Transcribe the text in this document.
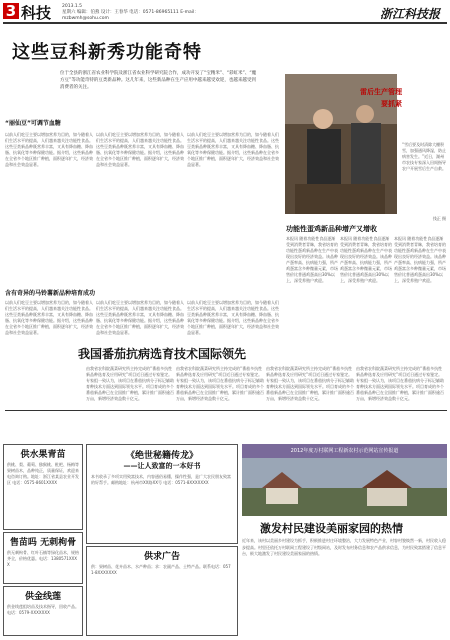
3 科技 2013.1.5
星期六 编辑：伯燕 设计：王春华 电话：0571-86965111 E-mail：mzbwmh@sohu.com	浙江科技报
这些豆科新秀功能奇特
位于全县的浙江省农业科学院及浙江省农业科学研究院合作，成功开发了“宝精米”、“彩虹米”、“魔方豆”等功能奇特的豆类新品种。这几年来，这些新品种在生产应用中越来越受欢迎，也越来越受到消费者的关注。
雷后生产管理
要抓紧
“雪后要及时清除大棚积雪，加强通风降湿，防止病害发生。”近日，湖州市农技专家深入田间指导农户开展雪后生产自救。
钱正 摄
“丽仙豆”可调节血糖
以前人们吃豆主要以增加营养为目的，如今随着人们生活水平的提高，人们越来越关注功能性食品。这些豆类新品种既营养丰富，又具有降血糖、降血脂、抗氧化等多种保健功能。据介绍，这些新品种在全省多个地区推广种植，面积逐年扩大，经济效益和社会效益显著。
以前人们吃豆主要以增加营养为目的，如今随着人们生活水平的提高，人们越来越关注功能性食品。这些豆类新品种既营养丰富，又具有降血糖、降血脂、抗氧化等多种保健功能。据介绍，这些新品种在全省多个地区推广种植，面积逐年扩大，经济效益和社会效益显著。
以前人们吃豆主要以增加营养为目的，如今随着人们生活水平的提高，人们越来越关注功能性食品。这些豆类新品种既营养丰富，又具有降血糖、降血脂、抗氧化等多种保健功能。据介绍，这些新品种在全省多个地区推广种植，面积逐年扩大，经济效益和社会效益显著。
含有奇异的马铃薯新品种培育成功
以前人们吃豆主要以增加营养为目的，如今随着人们生活水平的提高，人们越来越关注功能性食品。这些豆类新品种既营养丰富，又具有降血糖、降血脂、抗氧化等多种保健功能。据介绍，这些新品种在全省多个地区推广种植，面积逐年扩大，经济效益和社会效益显著。
以前人们吃豆主要以增加营养为目的，如今随着人们生活水平的提高，人们越来越关注功能性食品。这些豆类新品种既营养丰富，又具有降血糖、降血脂、抗氧化等多种保健功能。据介绍，这些新品种在全省多个地区推广种植，面积逐年扩大，经济效益和社会效益显著。
以前人们吃豆主要以增加营养为目的，如今随着人们生活水平的提高，人们越来越关注功能性食品。这些豆类新品种既营养丰富，又具有降血糖、降血脂、抗氧化等多种保健功能。据介绍，这些新品种在全省多个地区推广种植，面积逐年扩大，经济效益和社会效益显著。
功能性蛋鸡新品种增产又增收
本报讯 随着功能性食品逐渐受到消费者青睐，我省培育的功能性蛋鸡新品种在生产中表现出良好的经济效益。该品种产蛋率高、抗病能力强，所产鸡蛋富含多种微量元素，市场售价比普通鸡蛋高出30%以上，深受养殖户欢迎。
本报讯 随着功能性食品逐渐受到消费者青睐，我省培育的功能性蛋鸡新品种在生产中表现出良好的经济效益。该品种产蛋率高、抗病能力强，所产鸡蛋富含多种微量元素，市场售价比普通鸡蛋高出30%以上，深受养殖户欢迎。
本报讯 随着功能性食品逐渐受到消费者青睐，我省培育的功能性蛋鸡新品种在生产中表现出良好的经济效益。该品种产蛋率高、抗病能力强，所产鸡蛋富含多种微量元素，市场售价比普通鸡蛋高出30%以上，深受养殖户欢迎。
我国番茄抗病选育技术国际领先
由我省农科院蔬菜研究所主持完成的“番茄多抗性新品种选育及应用研究”项目近日通过专家鉴定。专家组一致认为，该项目在番茄抗病分子标记辅助育种技术方面达到国际领先水平。项目育成的多个番茄新品种已在全国推广种植，累计推广面积逾百万亩，新增经济效益数十亿元。
由我省农科院蔬菜研究所主持完成的“番茄多抗性新品种选育及应用研究”项目近日通过专家鉴定。专家组一致认为，该项目在番茄抗病分子标记辅助育种技术方面达到国际领先水平。项目育成的多个番茄新品种已在全国推广种植，累计推广面积逾百万亩，新增经济效益数十亿元。
由我省农科院蔬菜研究所主持完成的“番茄多抗性新品种选育及应用研究”项目近日通过专家鉴定。专家组一致认为，该项目在番茄抗病分子标记辅助育种技术方面达到国际领先水平。项目育成的多个番茄新品种已在全国推广种植，累计推广面积逾百万亩，新增经济效益数十亿元。
由我省农科院蔬菜研究所主持完成的“番茄多抗性新品种选育及应用研究”项目近日通过专家鉴定。专家组一致认为，该项目在番茄抗病分子标记辅助育种技术方面达到国际领先水平。项目育成的多个番茄新品种已在全国推广种植，累计推广面积逾百万亩，新增经济效益数十亿元。
供水果青苗
供桃、梨、葡萄、猕猴桃、枇杷、杨梅等果树苗木，品种纯正，质量保证，欢迎来电咨询订购。地址：浙江省某县农业开发区 电话：0575-8601XXXX
售苗吗 无刺枸骨
供无刺枸骨、红叶石楠等绿化苗木，规格齐全，价格优惠。电话：1380571XXXX
供金线莲
供金线莲组培苗及技术指导，回收产品。电话：0579-XXXXXXX
《绝世秘籍传龙》
——让人致富的一本好书
本书收录了多项实用致富技术，内容通俗易懂，操作性强，是广大农民朋友致富的好帮手。邮购地址：杭州市XX路XX号 电话：0571-8XXXXXXX
供求广告
供：果树苗、花卉苗木、水产种苗；求：农副产品、土特产品。联系电话：0571-8XXXXXXX
2012年度万村联网工程新农村示范网站宣传报道
激发村民建设美丽家园的热情
近年来，该村以美丽乡村建设为抓手，积极推进村庄环境整治，大力发展特色产业，村容村貌焕然一新，村民收入稳步提高。村里还依托万村联网工程建设了村级网站，及时发布村务信息和农产品供求信息，为村民致富搭建了信息平台，极大地激发了村民建设美丽家园的热情。
